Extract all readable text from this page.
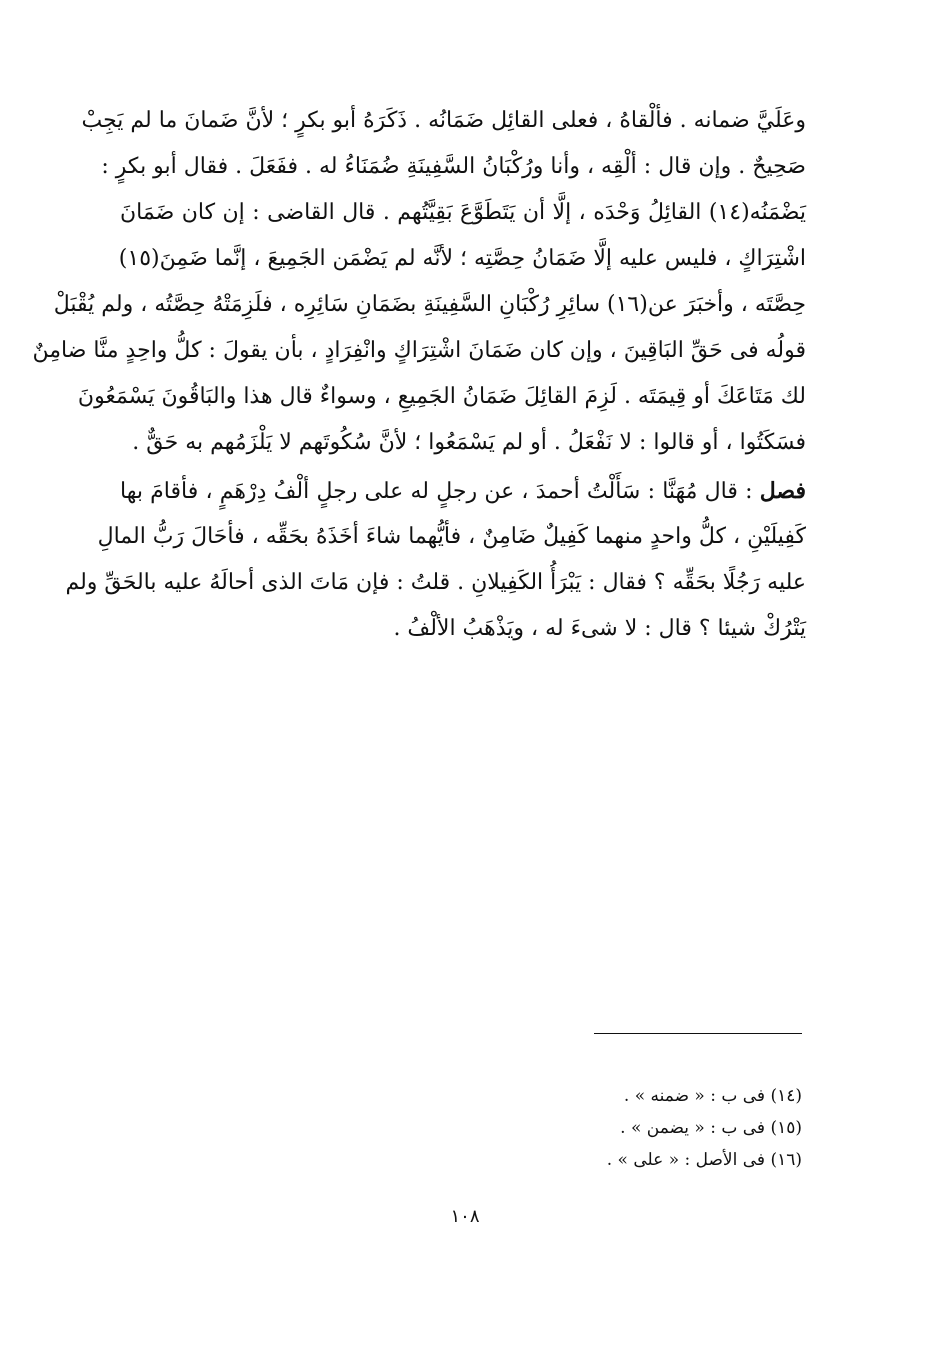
وعَلَيَّ ضمانه . فألْقاهُ ، فعلى القائِل ضَمَانُه . ذَكَرَهُ أبو بكرٍ ؛ لأنَّ ضَمانَ ما لم يَجِبْ
صَحِيحٌ . وإن قال : ألْقِه ، وأنا ورُكْبَانُ السَّفِينَةِ ضُمَنَاءُ له . ففَعَلَ . فقال أبو بكرٍ :
يَضْمَنُه(١٤) القائِلُ وَحْدَه ، إلَّا أن يَتَطَوَّعَ بَقِيَّتُهم . قال القاضى : إن كان ضَمَانَ
اشْتِرَاكٍ ، فليس عليه إلَّا ضَمَانُ حِصَّتِه ؛ لأنَّه لم يَضْمَن الجَمِيعَ ، إنَّما ضَمِنَ(١٥)
حِصَّتَه ، وأخبَرَ عن(١٦) سائِرِ رُكْبَانِ السَّفِينَةِ بضَمَانِ سَائِرِه ، فلَزِمَتْهُ حِصَّتُه ، ولم يُقْبَلْ
قولُه فى حَقِّ البَاقِينَ ، وإن كان ضَمَانَ اشْتِرَاكٍ وانْفِرَادٍ ، بأن يقولَ : كلُّ واحِدٍ منَّا ضامِنٌ
لك مَتَاعَكَ أو قِيمَتَه . لَزِمَ القائِلَ ضَمَانُ الجَمِيعِ ، وسواءٌ قال هذا والبَاقُونَ يَسْمَعُونَ
فسَكَتُوا ، أو قالوا : لا نَفْعَلُ . أو لم يَسْمَعُوا ؛ لأنَّ سُكُوتَهم لا يَلْزَمُهم به حَقٌّ .
فصل : قال مُهَنَّا : سَأَلْتُ أحمدَ ، عن رجلٍ له على رجلٍ ألْفُ دِرْهَمٍ ، فأقامَ بها
كَفِيلَيْنِ ، كلُّ واحدٍ منهما كَفِيلٌ ضَامِنٌ ، فأيُّهما شاءَ أخَذَهُ بحَقِّه ، فأحَالَ رَبُّ المالِ
عليه رَجُلًا بحَقِّه ؟ فقال : يَبْرَأُ الكَفِيلانِ . قلتُ : فإن مَاتَ الذى أحالَهُ عليه بالحَقِّ ولم
يَتْرُكْ شيئا ؟ قال : لا شىءَ له ، ويَذْهَبُ الألْفُ .
(١٤) فى ب : « ضمنه » .
(١٥) فى ب : « يضمن » .
(١٦) فى الأصل : « على » .
١٠٨
